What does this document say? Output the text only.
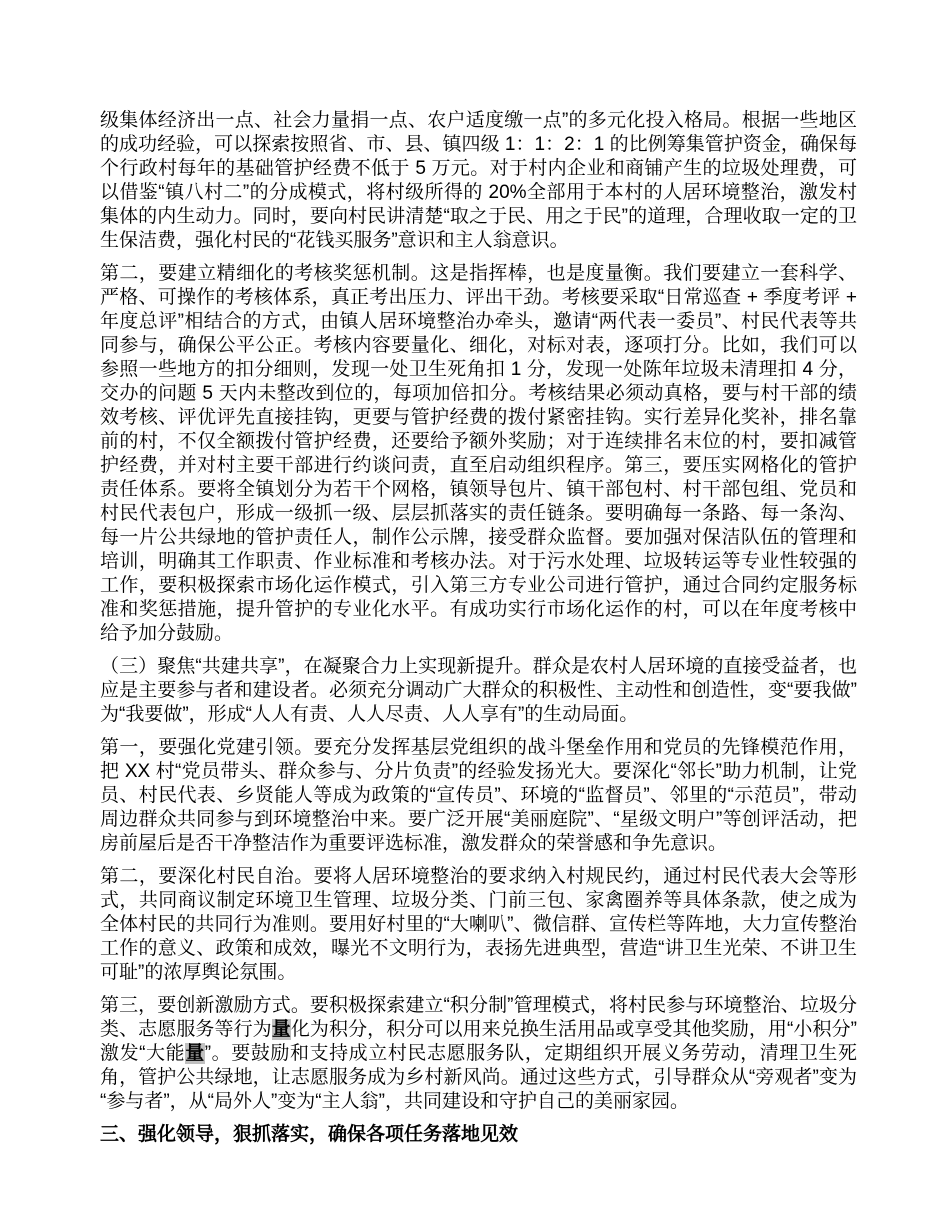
级集体经济出一点、社会力量捐一点、农户适度缴一点”的多元化投入格局。根据一些地区的成功经验，可以探索按照省、市、县、镇四级 1：1：2：1 的比例筹集管护资金，确保每个行政村每年的基础管护经费不低于 5 万元。对于村内企业和商铺产生的垃圾处理费，可以借鉴“镇八村二”的分成模式，将村级所得的 20%全部用于本村的人居环境整治，激发村集体的内生动力。同时，要向村民讲清楚“取之于民、用之于民”的道理，合理收取一定的卫生保洁费，强化村民的“花钱买服务”意识和主人翁意识。

第二，要建立精细化的考核奖惩机制。这是指挥棒，也是度量衡。我们要建立一套科学、严格、可操作的考核体系，真正考出压力、评出干劲。考核要采取“日常巡查 + 季度考评 + 年度总评”相结合的方式，由镇人居环境整治办牵头，邀请“两代表一委员”、村民代表等共同参与，确保公平公正。考核内容要量化、细化，对标对表，逐项打分。比如，我们可以参照一些地方的扣分细则，发现一处卫生死角扣 1 分，发现一处陈年垃圾未清理扣 4 分，交办的问题 5 天内未整改到位的，每项加倍扣分。考核结果必须动真格，要与村干部的绩效考核、评优评先直接挂钩，更要与管护经费的拨付紧密挂钩。实行差异化奖补，排名靠前的村，不仅全额拨付管护经费，还要给予额外奖励；对于连续排名末位的村，要扣减管护经费，并对村主要干部进行约谈问责，直至启动组织程序。第三，要压实网格化的管护责任体系。要将全镇划分为若干个网格，镇领导包片、镇干部包村、村干部包组、党员和村民代表包户，形成一级抓一级、层层抓落实的责任链条。要明确每一条路、每一条沟、每一片公共绿地的管护责任人，制作公示牌，接受群众监督。要加强对保洁队伍的管理和培训，明确其工作职责、作业标准和考核办法。对于污水处理、垃圾转运等专业性较强的工作，要积极探索市场化运作模式，引入第三方专业公司进行管护，通过合同约定服务标准和奖惩措施，提升管护的专业化水平。有成功实行市场化运作的村，可以在年度考核中给予加分鼓励。

（三）聚焦“共建共享”，在凝聚合力上实现新提升。群众是农村人居环境的直接受益者，也应是主要参与者和建设者。必须充分调动广大群众的积极性、主动性和创造性，变“要我做”为“我要做”，形成“人人有责、人人尽责、人人享有”的生动局面。

第一，要强化党建引领。要充分发挥基层党组织的战斗堡垒作用和党员的先锋模范作用，把 XX 村“党员带头、群众参与、分片负责”的经验发扬光大。要深化“邻长”助力机制，让党员、村民代表、乡贤能人等成为政策的“宣传员”、环境的“监督员”、邻里的“示范员”，带动周边群众共同参与到环境整治中来。要广泛开展“美丽庭院”、“星级文明户”等创评活动，把房前屋后是否干净整洁作为重要评选标准，激发群众的荣誉感和争先意识。

第二，要深化村民自治。要将人居环境整治的要求纳入村规民约，通过村民代表大会等形式，共同商议制定环境卫生管理、垃圾分类、门前三包、家禽圈养等具体条款，使之成为全体村民的共同行为准则。要用好村里的“大喇叭”、微信群、宣传栏等阵地，大力宣传整治工作的意义、政策和成效，曝光不文明行为，表扬先进典型，营造“讲卫生光荣、不讲卫生可耻”的浓厚舆论氛围。

第三，要创新激励方式。要积极探索建立“积分制”管理模式，将村民参与环境整治、垃圾分类、志愿服务等行为量化为积分，积分可以用来兑换生活用品或享受其他奖励，用“小积分”激发“大能量”。要鼓励和支持成立村民志愿服务队，定期组织开展义务劳动，清理卫生死角，管护公共绿地，让志愿服务成为乡村新风尚。通过这些方式，引导群众从“旁观者”变为“参与者”，从“局外人”变为“主人翁”，共同建设和守护自己的美丽家园。

三、强化领导，狠抓落实，确保各项任务落地见效
